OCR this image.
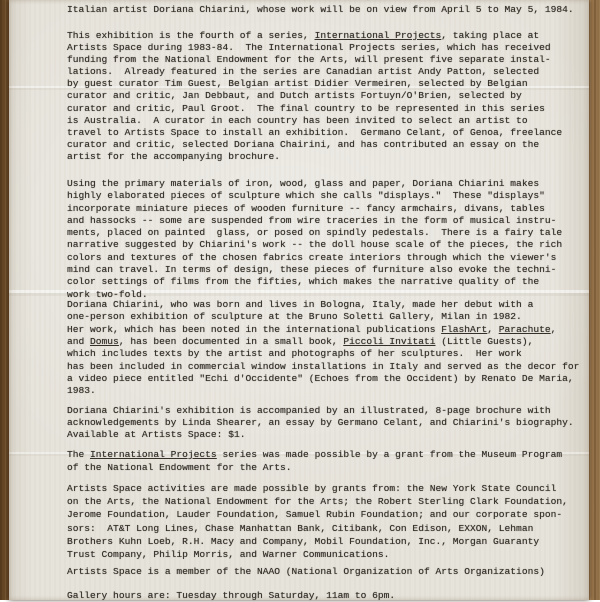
Italian artist Doriana Chiarini, whose work will be on view from April 5 to May 5, 1984.
This exhibition is the fourth of a series, International Projects, taking place at
Artists Space during 1983-84.  The International Projects series, which has received
funding from the National Endowment for the Arts, will present five separate instal-
lations.  Already featured in the series are Canadian artist Andy Patton, selected
by guest curator Tim Guest, Belgian artist Didier Vermeiren, selected by Belgian
curator and critic, Jan Debbaut, and Dutch artists Fortuyn/O'Brien, selected by
curator and critic, Paul Groot.  The final country to be represented in this series
is Australia.  A curator in each country has been invited to select an artist to
travel to Artists Space to install an exhibition.  Germano Celant, of Genoa, freelance
curator and critic, selected Doriana Chairini, and has contributed an essay on the
artist for the accompanying brochure.
Using the primary materials of iron, wood, glass and paper, Doriana Chiarini makes
highly elaborated pieces of sculpture which she calls "displays."  These "displays"
incorporate miniature pieces of wooden furniture -- fancy armchairs, divans, tables
and hassocks -- some are suspended from wire traceries in the form of musical instru-
ments, placed on painted  glass, or posed on spindly pedestals.  There is a fairy tale
narrative suggested by Chiarini's work -- the doll house scale of the pieces, the rich
colors and textures of the chosen fabrics create interiors through which the viewer's
mind can travel. In terms of design, these pieces of furniture also evoke the techni-
color settings of films from the fifties, which makes the narrative quality of the
work two-fold.
Doriana Chiarini, who was born and lives in Bologna, Italy, made her debut with a
one-person exhibition of sculpture at the Bruno Soletti Gallery, Milan in 1982.
Her work, which has been noted in the international publications FlashArt, Parachute,
and Domus, has been documented in a small book, Piccoli Invitati (Little Guests),
which includes texts by the artist and photographs of her sculptures.  Her work
has been included in commercial window installations in Italy and served as the decor for
a video piece entitled "Echi d'Occidente" (Echoes from the Occident) by Renato De Maria,
1983.
Doriana Chiarini's exhibition is accompanied by an illustrated, 8-page brochure with
acknowledgements by Linda Shearer, an essay by Germano Celant, and Chiarini's biography.
Available at Artists Space: $1.
The International Projects series was made possible by a grant from the Museum Program
of the National Endowment for the Arts.
Artists Space activities are made possible by grants from: the New York State Council
on the Arts, the National Endowment for the Arts; the Robert Sterling Clark Foundation,
Jerome Foundation, Lauder Foundation, Samuel Rubin Foundation; and our corporate spon-
sors:  AT&T Long Lines, Chase Manhattan Bank, Citibank, Con Edison, EXXON, Lehman
Brothers Kuhn Loeb, R.H. Macy and Company, Mobil Foundation, Inc., Morgan Guaranty
Trust Company, Philip Morris, and Warner Communications.
Artists Space is a member of the NAAO (National Organization of Arts Organizations)
Gallery hours are: Tuesday through Saturday, 11am to 6pm.
